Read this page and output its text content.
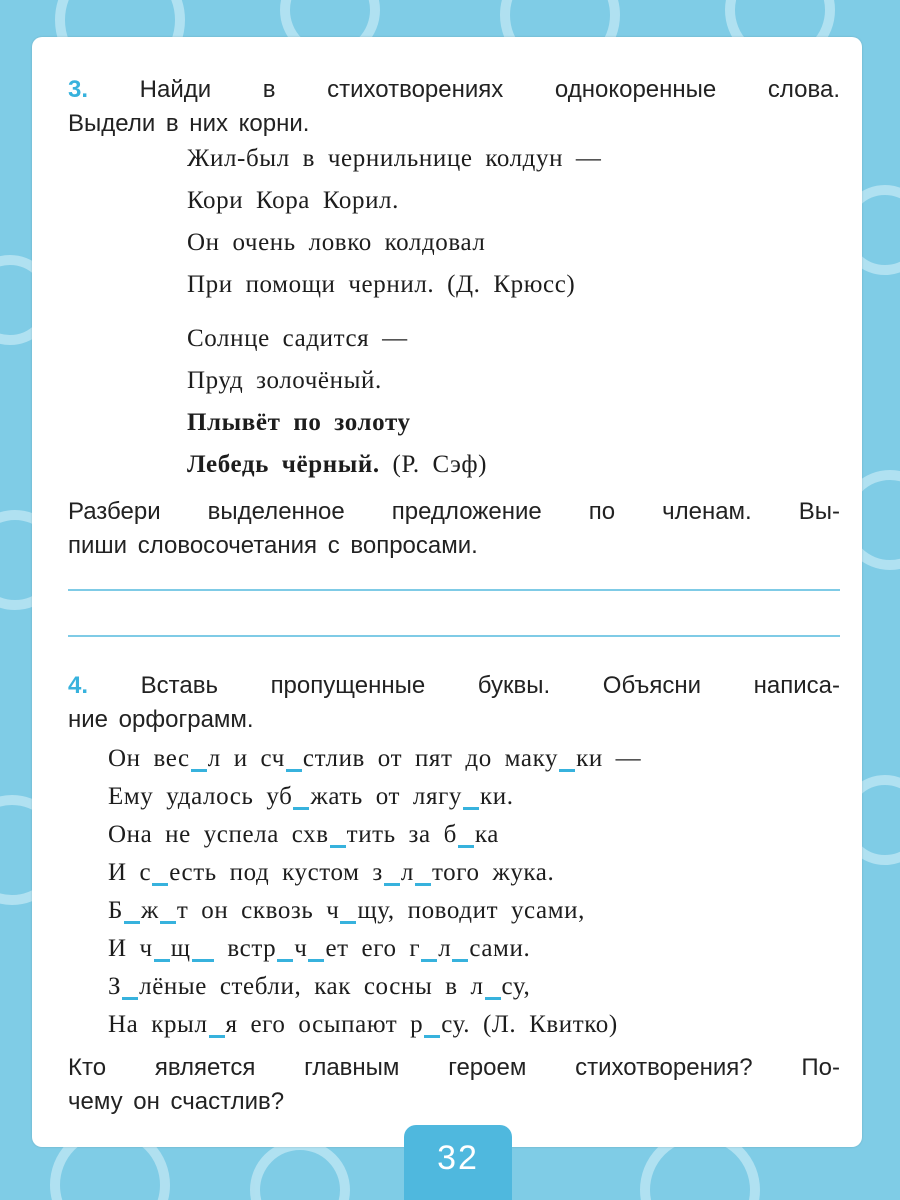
3. Найди в стихотворениях однокоренные слова.
Выдели в них корни.
Жил-был в чернильнице колдун —
Кори Кора Корил.
Он очень ловко колдовал
При помощи чернил. (Д. Крюсс)
Солнце садится —
Пруд золочёный.
Плывёт по золоту
Лебедь чёрный. (Р. Сэф)
Разбери выделенное предложение по членам. Вы-
пиши словосочетания с вопросами.
4. Вставь пропущенные буквы. Объясни написа-
ние орфограмм.
Он вес л и сч стлив от пят до маку ки —
Ему удалось уб жать от лягу ки.
Она не успела схв тить за б ка
И с есть под кустом з л того жука.
Б ж т он сквозь ч щу, поводит усами,
И ч щ встр ч ет его г л сами.
З лёные стебли, как сосны в л су,
На крыл я его осыпают р су. (Л. Квитко)
Кто является главным героем стихотворения? По-
чему он счастлив?
32
